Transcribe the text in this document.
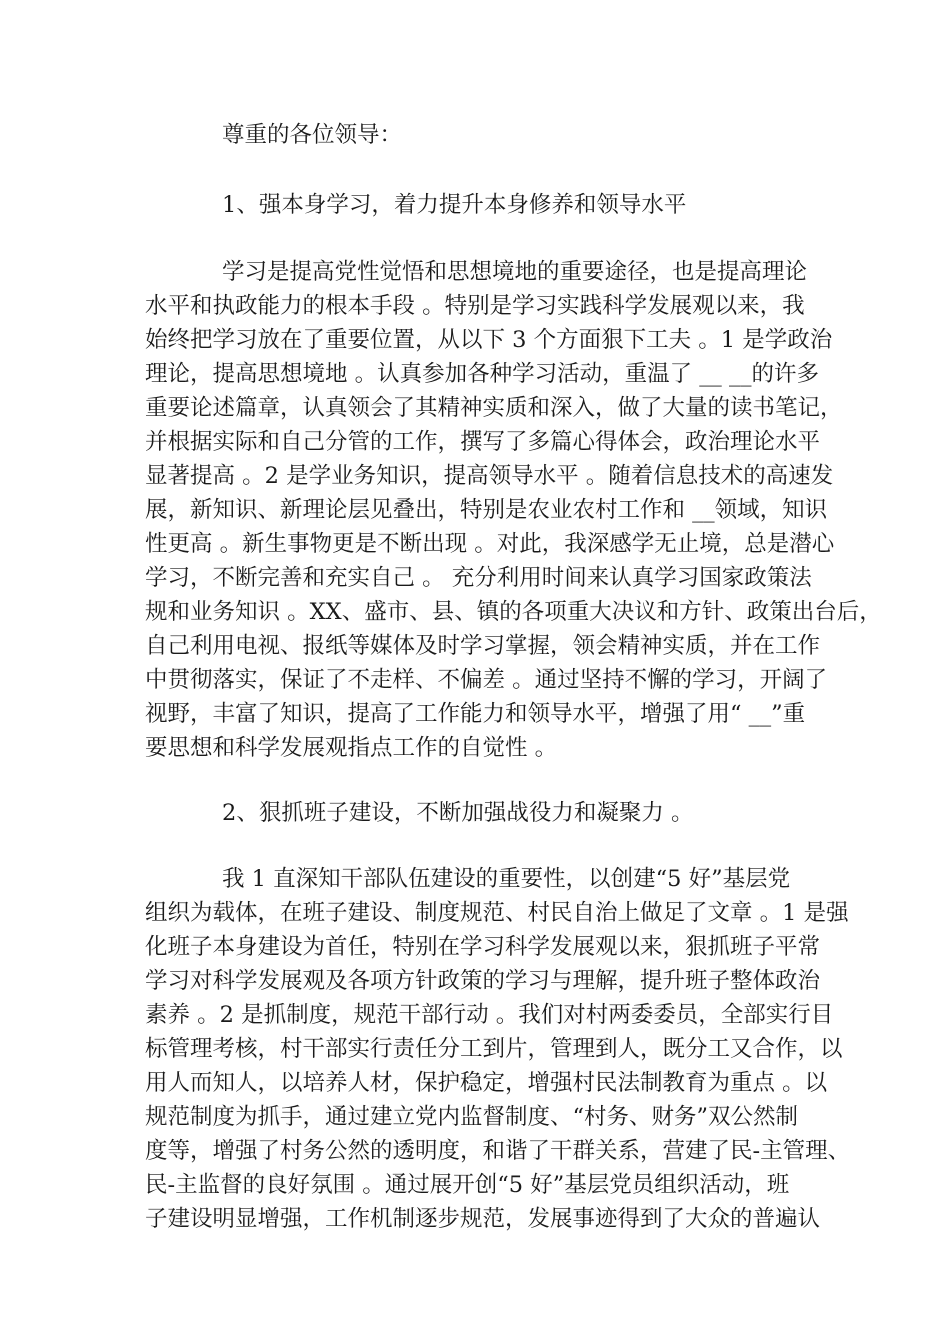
尊重的各位领导：
1、强本身学习，着力提升本身修养和领导水平
学习是提高党性觉悟和思想境地的重要途径，也是提高理论
水平和执政能力的根本手段 。特别是学习实践科学发展观以来，我
始终把学习放在了重要位置，从以下 3 个方面狠下工夫 。1 是学政治
理论，提高思想境地 。认真参加各种学习活动，重温了 __ __的许多
重要论述篇章，认真领会了其精神实质和深入，做了大量的读书笔记，
并根据实际和自己分管的工作，撰写了多篇心得体会，政治理论水平
显著提高 。2 是学业务知识，提高领导水平 。随着信息技术的高速发
展，新知识、新理论层见叠出，特别是农业农村工作和 __领域，知识
性更高 。新生事物更是不断出现 。对此，我深感学无止境，总是潜心
学习，不断完善和充实自己 。 充分利用时间来认真学习国家政策法
规和业务知识 。XX、盛市、县、镇的各项重大决议和方针、政策出台后，
自己利用电视、报纸等媒体及时学习掌握，领会精神实质，并在工作
中贯彻落实，保证了不走样、不偏差 。通过坚持不懈的学习，开阔了
视野，丰富了知识，提高了工作能力和领导水平，增强了用“ __”重
要思想和科学发展观指点工作的自觉性 。
2、狠抓班子建设，不断加强战役力和凝聚力 。
我 1 直深知干部队伍建设的重要性，以创建“5 好”基层党
组织为载体，在班子建设、制度规范、村民自治上做足了文章 。1 是强
化班子本身建设为首任，特别在学习科学发展观以来，狠抓班子平常
学习对科学发展观及各项方针政策的学习与理解，提升班子整体政治
素养 。2 是抓制度，规范干部行动 。我们对村两委委员，全部实行目
标管理考核，村干部实行责任分工到片，管理到人，既分工又合作，以
用人而知人，以培养人材，保护稳定，增强村民法制教育为重点 。以
规范制度为抓手，通过建立党内监督制度、“村务、财务”双公然制
度等，增强了村务公然的透明度，和谐了干群关系，营建了民-主管理、
民-主监督的良好氛围 。通过展开创“5 好”基层党员组织活动，班
子建设明显增强，工作机制逐步规范，发展事迹得到了大众的普遍认
